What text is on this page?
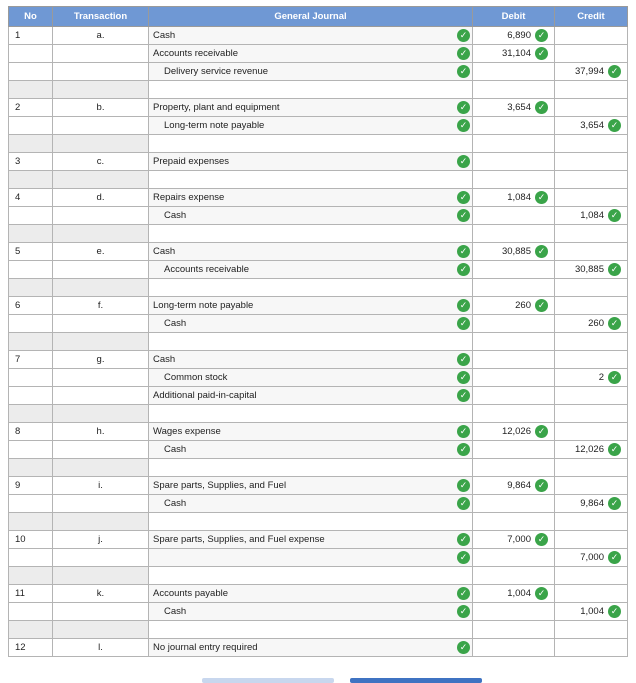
No	Transaction	General Journal	Debit	Credit
1	a.	Cash ✓	6,890 ✓	

		Accounts receivable ✓	31,104 ✓	

		Delivery service revenue ✓		37,994 ✓

2	b.	Property, plant and equipment ✓	3,654 ✓	

		Long-term note payable ✓		3,654 ✓

3	c.	Prepaid expenses ✓		

4	d.	Repairs expense ✓	1,084 ✓	

		Cash ✓		1,084 ✓

5	e.	Cash ✓	30,885 ✓	

		Accounts receivable ✓		30,885 ✓

6	f.	Long-term note payable ✓	260 ✓	

		Cash ✓		260 ✓

7	g.	Cash ✓		

		Common stock ✓		2 ✓

		Additional paid-in-capital ✓		

8	h.	Wages expense ✓	12,026 ✓	

		Cash ✓		12,026 ✓

9	i.	Spare parts, Supplies, and Fuel ✓	9,864 ✓	

		Cash ✓		9,864 ✓

10	j.	Spare parts, Supplies, and Fuel expense ✓	7,000 ✓	

		✓		7,000 ✓

11	k.	Accounts payable ✓	1,004 ✓	

		Cash ✓		1,004 ✓

12	l.	No journal entry required ✓		
